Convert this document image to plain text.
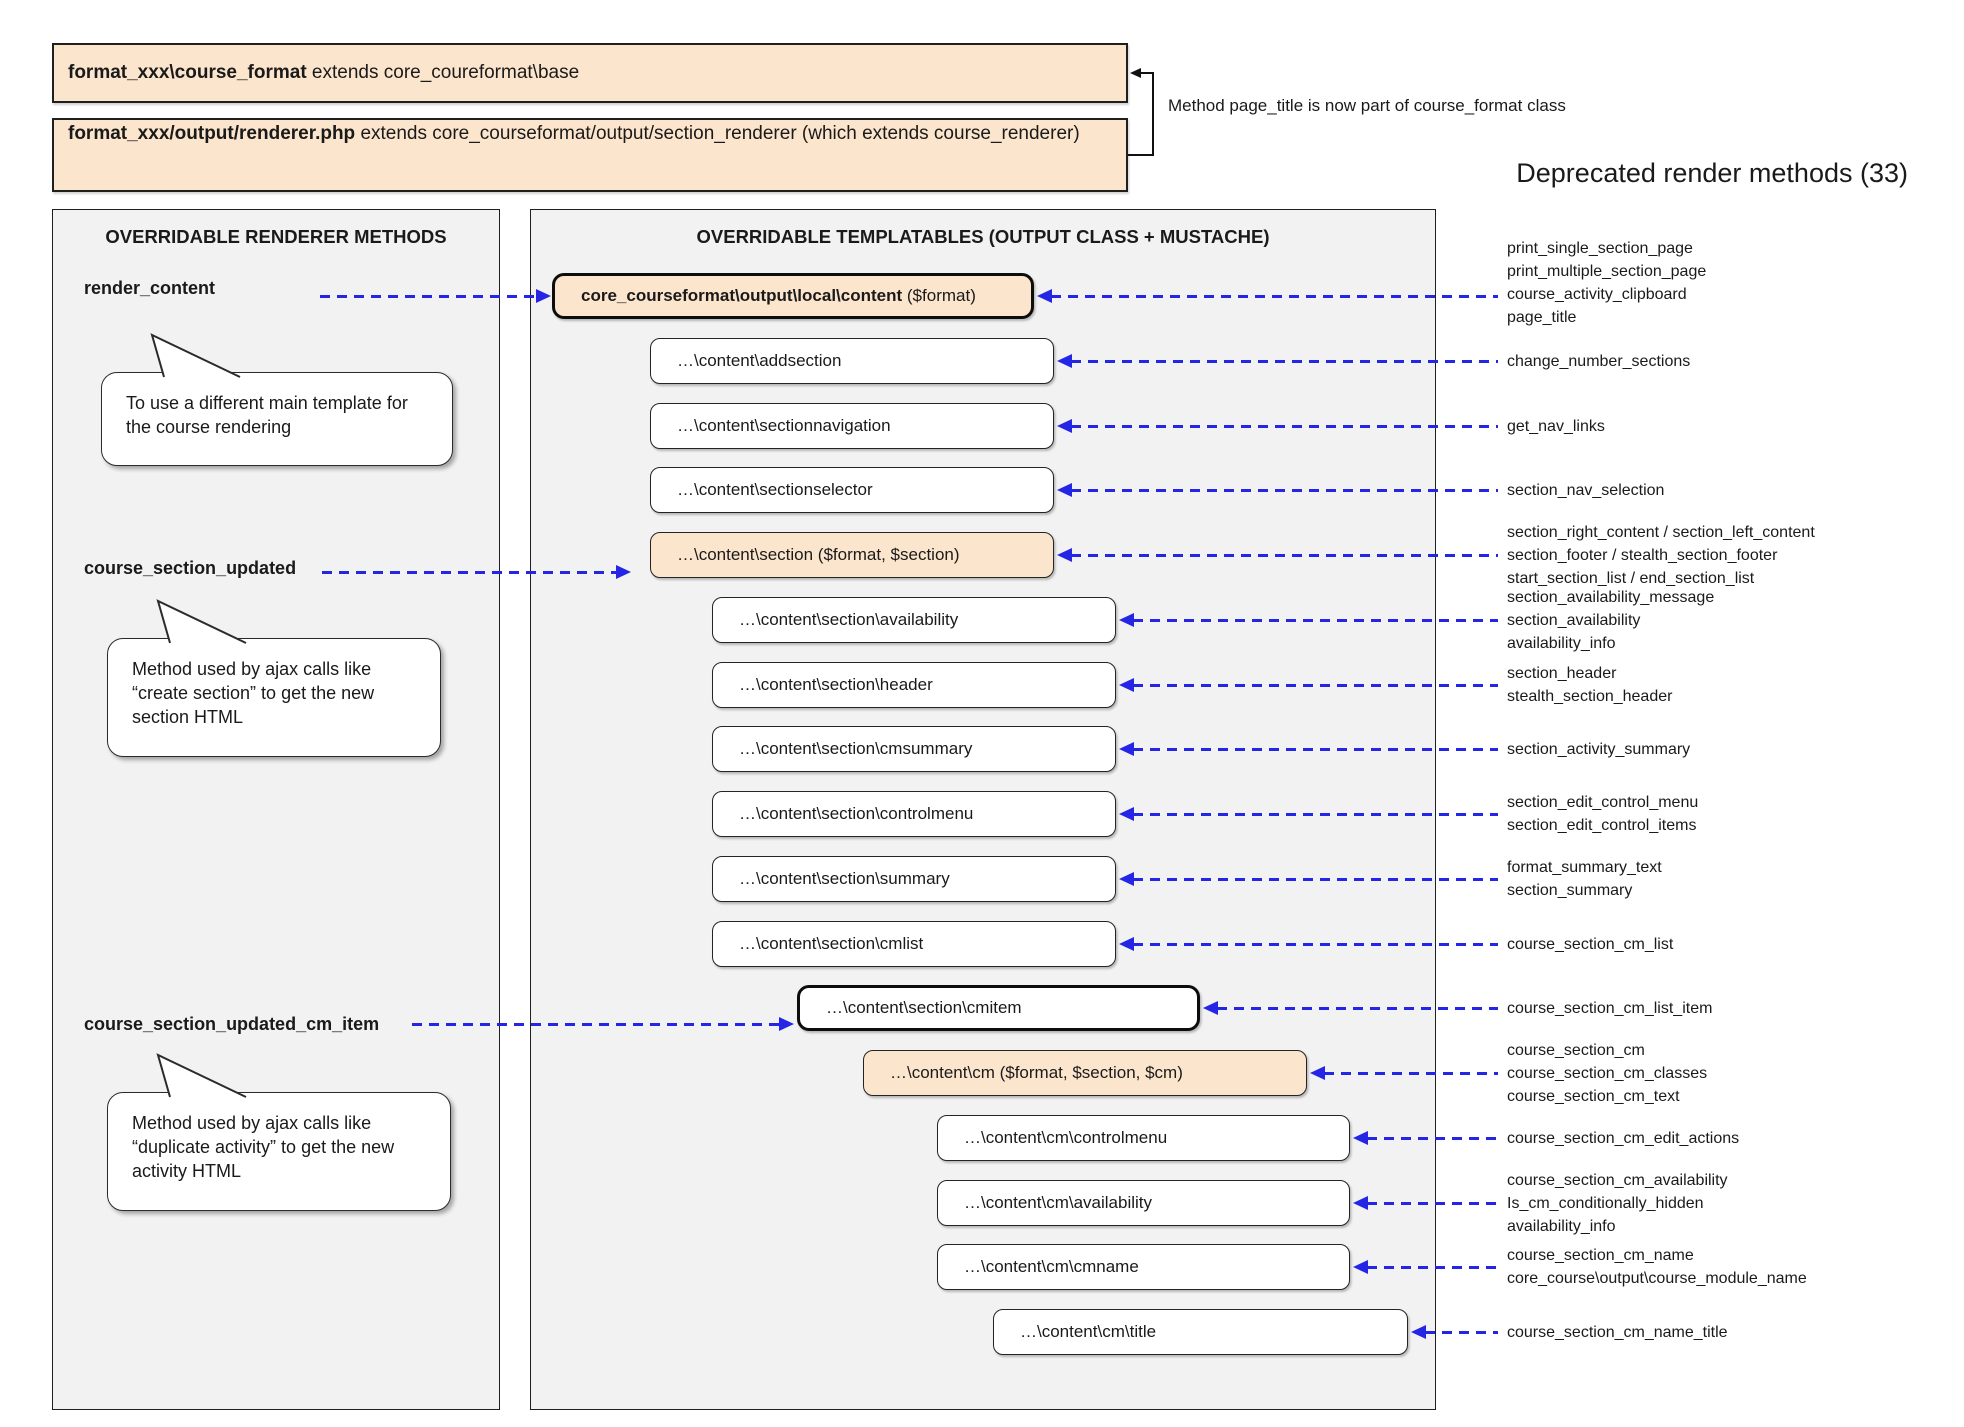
format_xxx\course_format extends core_coureformat\base
format_xxx/output/renderer.php extends core_courseformat/output/section_renderer (which extends course_renderer)
Method page_title is now part of course_format class
Deprecated render methods (33)
OVERRIDABLE RENDERER METHODS	OVERRIDABLE TEMPLATABLES (OUTPUT CLASS + MUSTACHE)
render_content
course_section_updated
course_section_updated_cm_item
To use a different main template for the course rendering
Method used by ajax calls like “create section” to get the new section HTML
Method used by ajax calls like “duplicate activity” to get the new activity HTML
core_courseformat\output\local\content ($format)
…\content\addsection
…\content\sectionnavigation
…\content\sectionselector
…\content\section ($format, $section)
…\content\section\availability
…\content\section\header
…\content\section\cmsummary
…\content\section\controlmenu
…\content\section\summary
…\content\section\cmlist
…\content\section\cmitem
…\content\cm ($format, $section, $cm)
…\content\cm\controlmenu
…\content\cm\availability
…\content\cm\cmname
…\content\cm\title
print_single_section_page
print_multiple_section_page
course_activity_clipboard
page_title
change_number_sections
get_nav_links
section_nav_selection
section_right_content / section_left_content
section_footer / stealth_section_footer
start_section_list / end_section_list
section_availability_message
section_availability
availability_info
section_header
stealth_section_header
section_activity_summary
section_edit_control_menu
section_edit_control_items
format_summary_text
section_summary
course_section_cm_list
course_section_cm_list_item
course_section_cm
course_section_cm_classes
course_section_cm_text
course_section_cm_edit_actions
course_section_cm_availability
Is_cm_conditionally_hidden
availability_info
course_section_cm_name
core_course\output\course_module_name
course_section_cm_name_title
